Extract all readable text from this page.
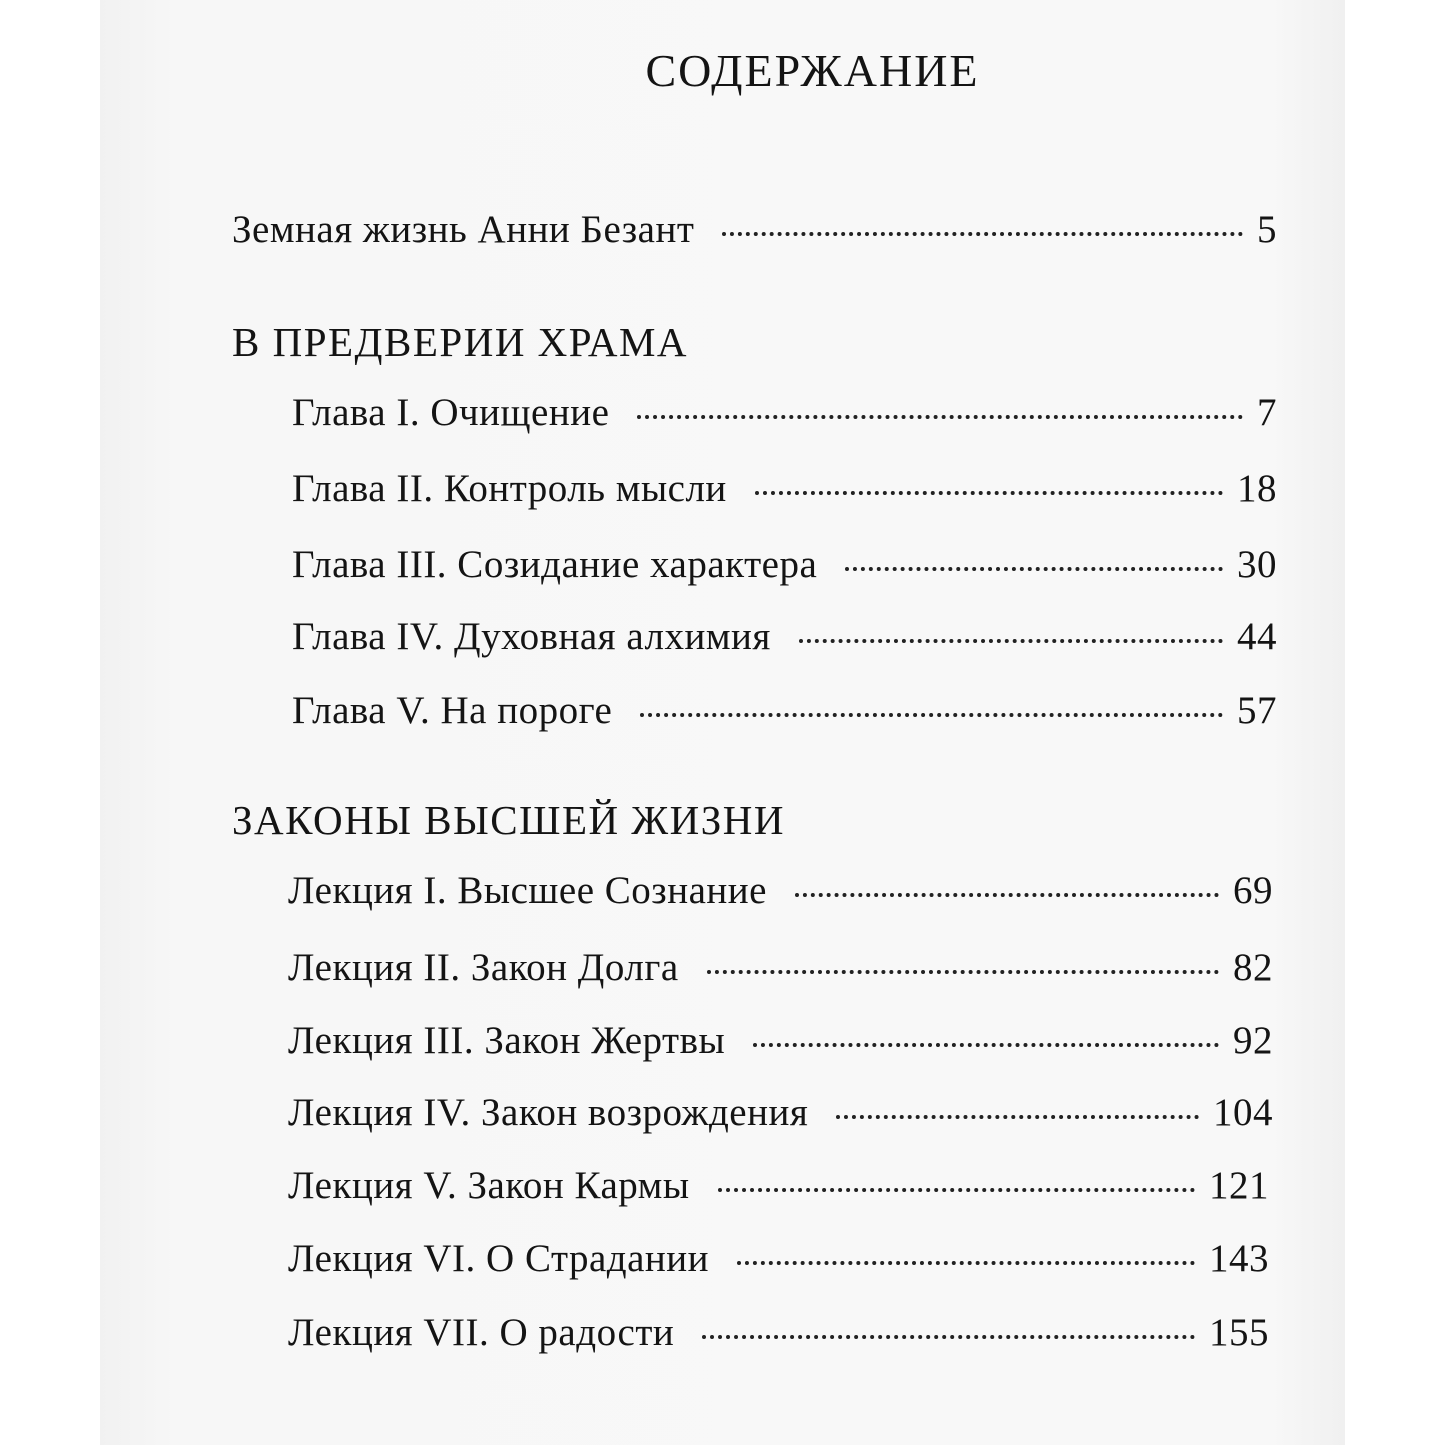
СОДЕРЖАНИЕ
Земная жизнь Анни Безант	5
В ПРЕДВЕРИИ ХРАМА
Глава I. Очищение	7
Глава II. Контроль мысли	18
Глава III. Созидание характера	30
Глава IV. Духовная алхимия	44
Глава V. На пороге	57
ЗАКОНЫ ВЫСШЕЙ ЖИЗНИ
Лекция I. Высшее Сознание	69
Лекция II. Закон Долга	82
Лекция III. Закон Жертвы	92
Лекция IV. Закон возрождения	104
Лекция V. Закон Кармы	121
Лекция VI. О Страдании	143
Лекция VII. О радости	155
